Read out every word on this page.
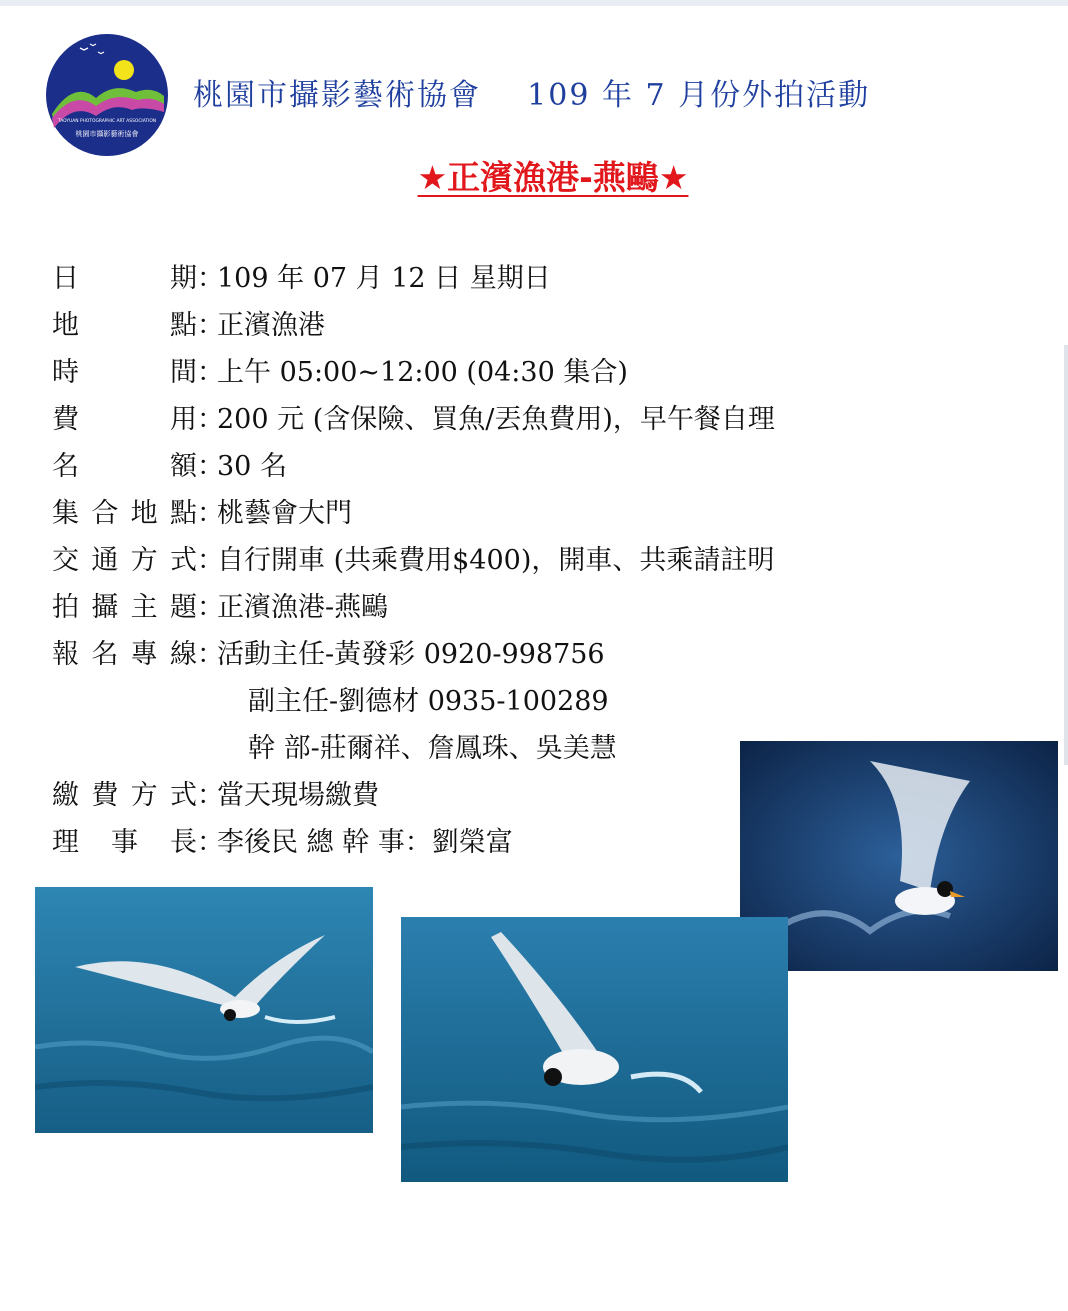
TAOYUAN PHOTOGRAPHIC ART ASSOCIATION
桃園市攝影藝術協會
桃園市攝影藝術協會 109 年 7 月份外拍活動
★正濱漁港-燕鷗★
日	期 ：
109 年 07 月 12 日 星期日
地	點 ：
正濱漁港
時	間 ：
上午 05:00~12:00 (04:30 集合)
費	用 ：
200 元 (含保險、買魚/丟魚費用)，早午餐自理
名	額 ：
30 名
集 合 地 點 ：
桃藝會大門
交 通 方 式 ：
自行開車 (共乘費用$400)，開車、共乘請註明
拍 攝 主 題 ：
正濱漁港-燕鷗
報 名 專 線 ：
活動主任-黃發彩 0920-998756
副主任-劉德材 0935-100289
幹 部-莊爾祥、詹鳳珠、吳美慧
繳 費 方 式 ：
當天現場繳費
理 事 長 ：
李後民 總 幹 事：劉榮富
